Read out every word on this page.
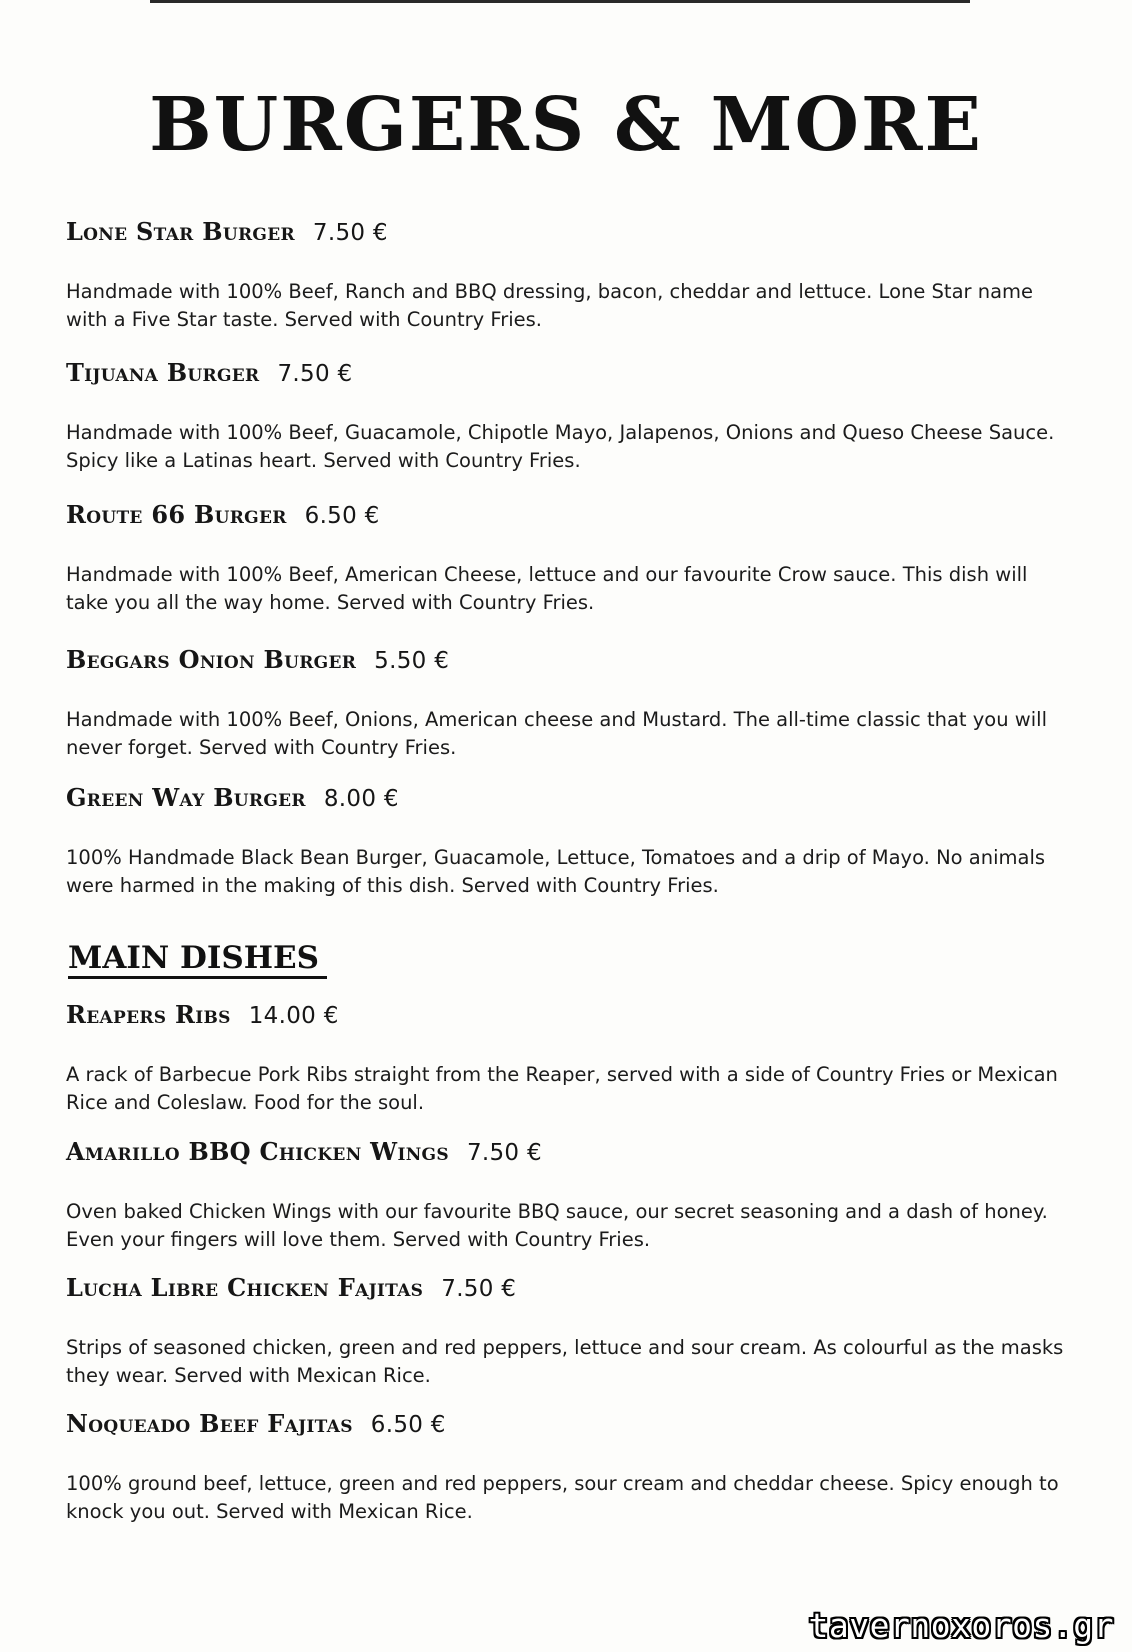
BURGERS & MORE
Lone Star Burger 7.50 €
Handmade with 100% Beef, Ranch and BBQ dressing, bacon, cheddar and lettuce. Lone Star name with a Five Star taste. Served with Country Fries.
Tijuana Burger 7.50 €
Handmade with 100% Beef, Guacamole, Chipotle Mayo, Jalapenos, Onions and Queso Cheese Sauce. Spicy like a Latinas heart. Served with Country Fries.
Route 66 Burger 6.50 €
Handmade with 100% Beef, American Cheese, lettuce and our favourite Crow sauce. This dish will take you all the way home. Served with Country Fries.
Beggars Onion Burger 5.50 €
Handmade with 100% Beef, Onions, American cheese and Mustard. The all-time classic that you will never forget. Served with Country Fries.
Green Way Burger 8.00 €
100% Handmade Black Bean Burger, Guacamole, Lettuce, Tomatoes and a drip of Mayo. No animals were harmed in the making of this dish. Served with Country Fries.
MAIN DISHES
Reapers Ribs 14.00 €
A rack of Barbecue Pork Ribs straight from the Reaper, served with a side of Country Fries or Mexican Rice and Coleslaw. Food for the soul.
Amarillo BBQ Chicken Wings 7.50 €
Oven baked Chicken Wings with our favourite BBQ sauce, our secret seasoning and a dash of honey. Even your fingers will love them. Served with Country Fries.
Lucha Libre Chicken Fajitas 7.50 €
Strips of seasoned chicken, green and red peppers, lettuce and sour cream. As colourful as the masks they wear. Served with Mexican Rice.
Noqueado Beef Fajitas 6.50 €
100% ground beef, lettuce, green and red peppers, sour cream and cheddar cheese. Spicy enough to knock you out. Served with Mexican Rice.
tavernoxoros.gr
